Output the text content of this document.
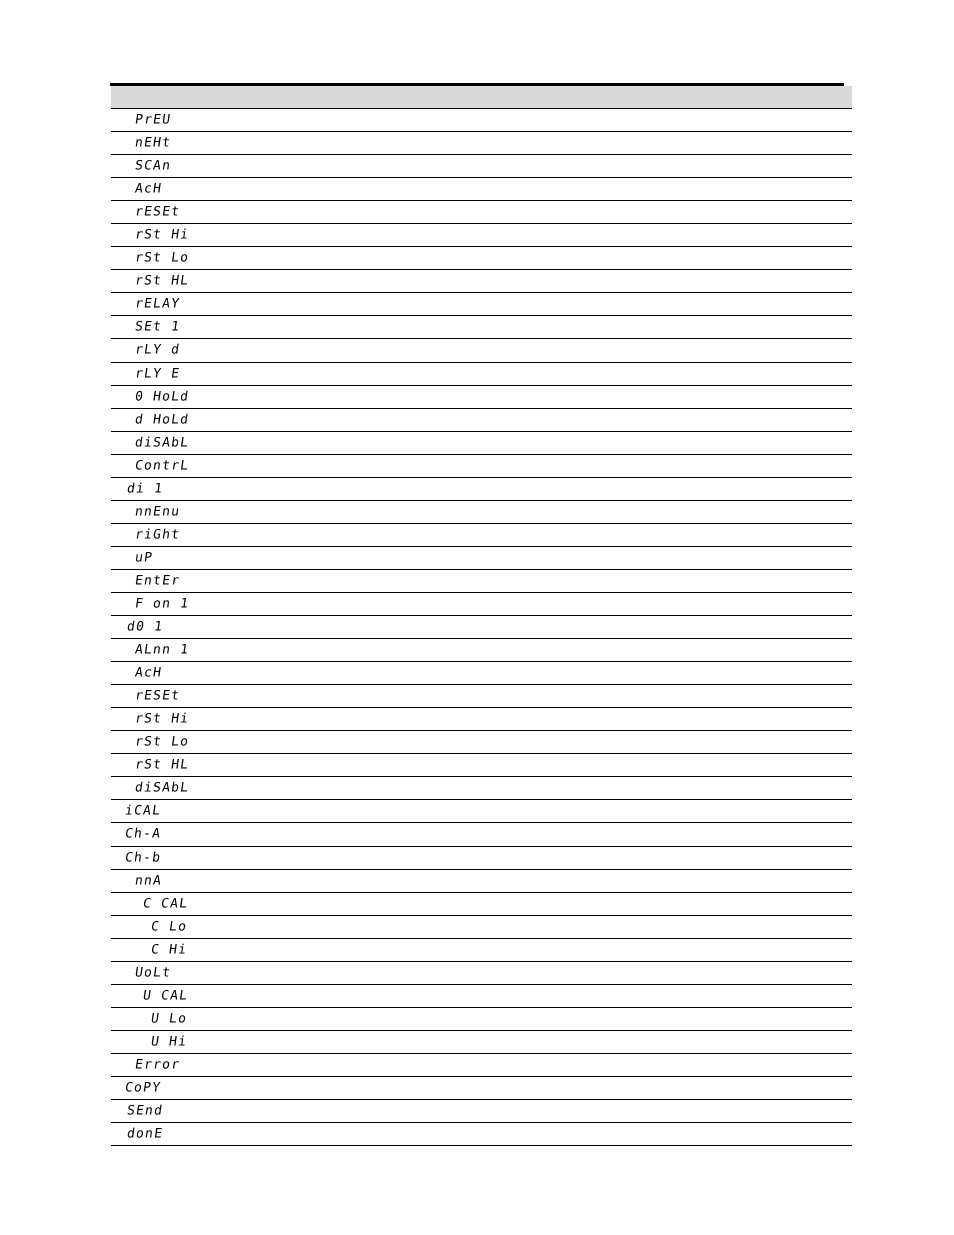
PrEU
nEHt
SCAn
AcH
rESEt
rSt Hi
rSt Lo
rSt HL
rELAY
SEt 1
rLY d
rLY E
0 HoLd
d HoLd
diSAbL
ContrL
di 1
nnEnu
riGht
uP
EntEr
F on 1
d0 1
ALnn 1
AcH
rESEt
rSt Hi
rSt Lo
rSt HL
diSAbL
iCAL
Ch-A
Ch-b
nnA
C CAL
C Lo
C Hi
UoLt
U CAL
U Lo
U Hi
Error
CoPY
SEnd
donE
